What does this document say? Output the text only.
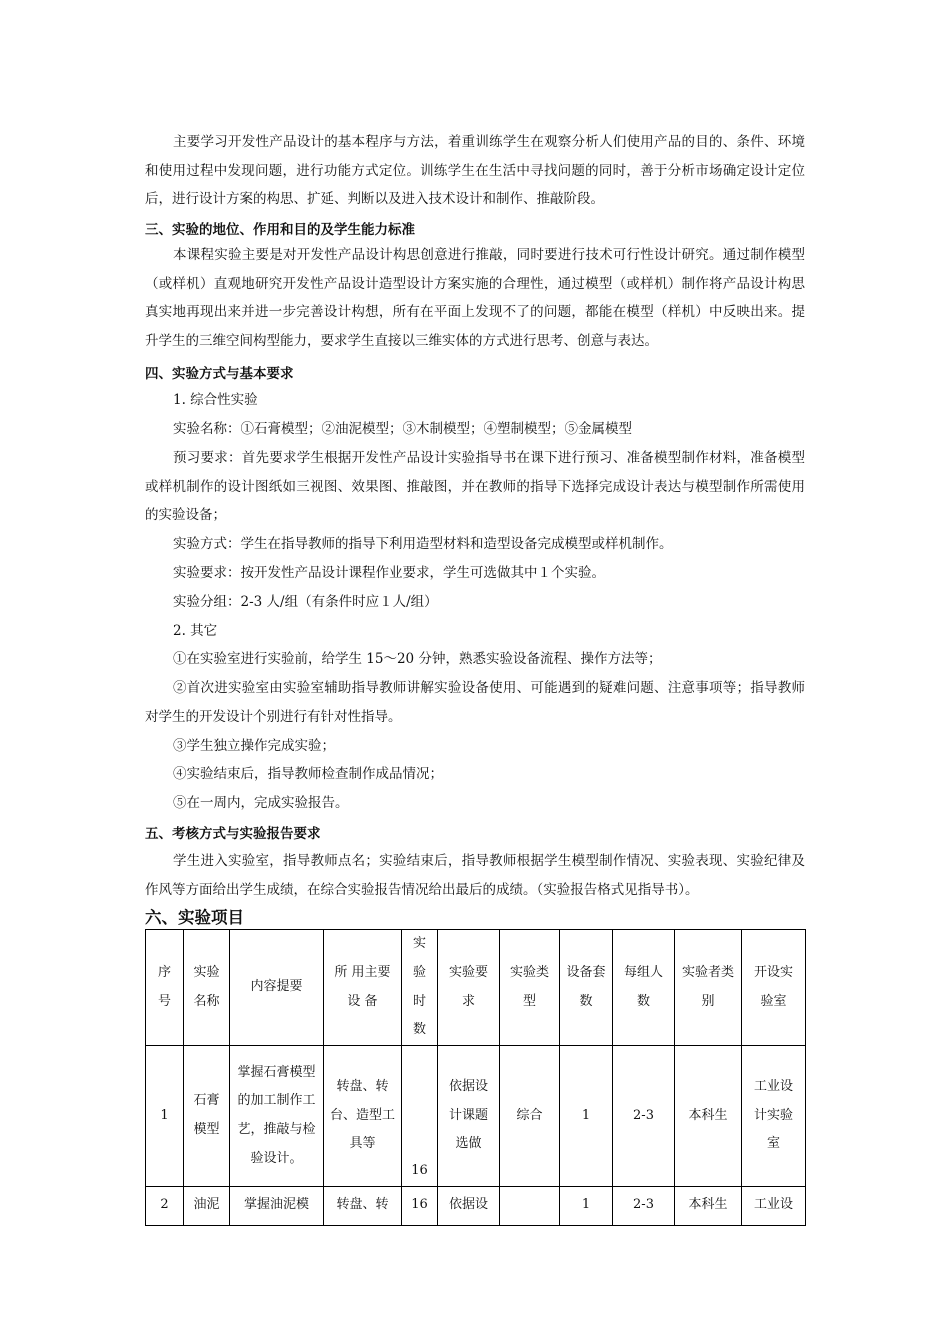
主要学习开发性产品设计的基本程序与方法，着重训练学生在观察分析人们使用产品的目的、条件、环境和使用过程中发现问题，进行功能方式定位。训练学生在生活中寻找问题的同时，善于分析市场确定设计定位后，进行设计方案的构思、扩延、判断以及进入技术设计和制作、推敲阶段。

三、实验的地位、作用和目的及学生能力标准

本课程实验主要是对开发性产品设计构思创意进行推敲，同时要进行技术可行性设计研究。通过制作模型（或样机）直观地研究开发性产品设计造型设计方案实施的合理性，通过模型（或样机）制作将产品设计构思真实地再现出来并进一步完善设计构想，所有在平面上发现不了的问题，都能在模型（样机）中反映出来。提升学生的三维空间构型能力，要求学生直接以三维实体的方式进行思考、创意与表达。

四、实验方式与基本要求

1. 综合性实验

实验名称：①石膏模型；②油泥模型；③木制模型；④塑制模型；⑤金属模型

预习要求：首先要求学生根据开发性产品设计实验指导书在课下进行预习、准备模型制作材料，准备模型或样机制作的设计图纸如三视图、效果图、推敲图，并在教师的指导下选择完成设计表达与模型制作所需使用的实验设备；

实验方式：学生在指导教师的指导下利用造型材料和造型设备完成模型或样机制作。

实验要求：按开发性产品设计课程作业要求，学生可选做其中１个实验。

实验分组：2-3 人/组（有条件时应１人/组）

2. 其它

①在实验室进行实验前，给学生 15～20 分钟，熟悉实验设备流程、操作方法等；

②首次进实验室由实验室辅助指导教师讲解实验设备使用、可能遇到的疑难问题、注意事项等；指导教师对学生的开发设计个别进行有针对性指导。

③学生独立操作完成实验；

④实验结束后，指导教师检查制作成品情况；

⑤在一周内，完成实验报告。

五、考核方式与实验报告要求

学生进入实验室，指导教师点名；实验结束后，指导教师根据学生模型制作情况、实验表现、实验纪律及作风等方面给出学生成绩，在综合实验报告情况给出最后的成绩。（实验报告格式见指导书）。

六、实验项目

序号	实验名称	内容提要	所 用主要设 备	实验时数	实验要求	实验类型	设备套数	每组人数	实验者类别	开设实验室
1	石膏模型	掌握石膏模型的加工制作工艺，推敲与检验设计。	转盘、转台、造型工具等	16	依据设计课题选做	综合	1	2-3	本科生	工业设计实验室
2	油泥	掌握油泥模	转盘、转	16	依据设		1	2-3	本科生	工业设
